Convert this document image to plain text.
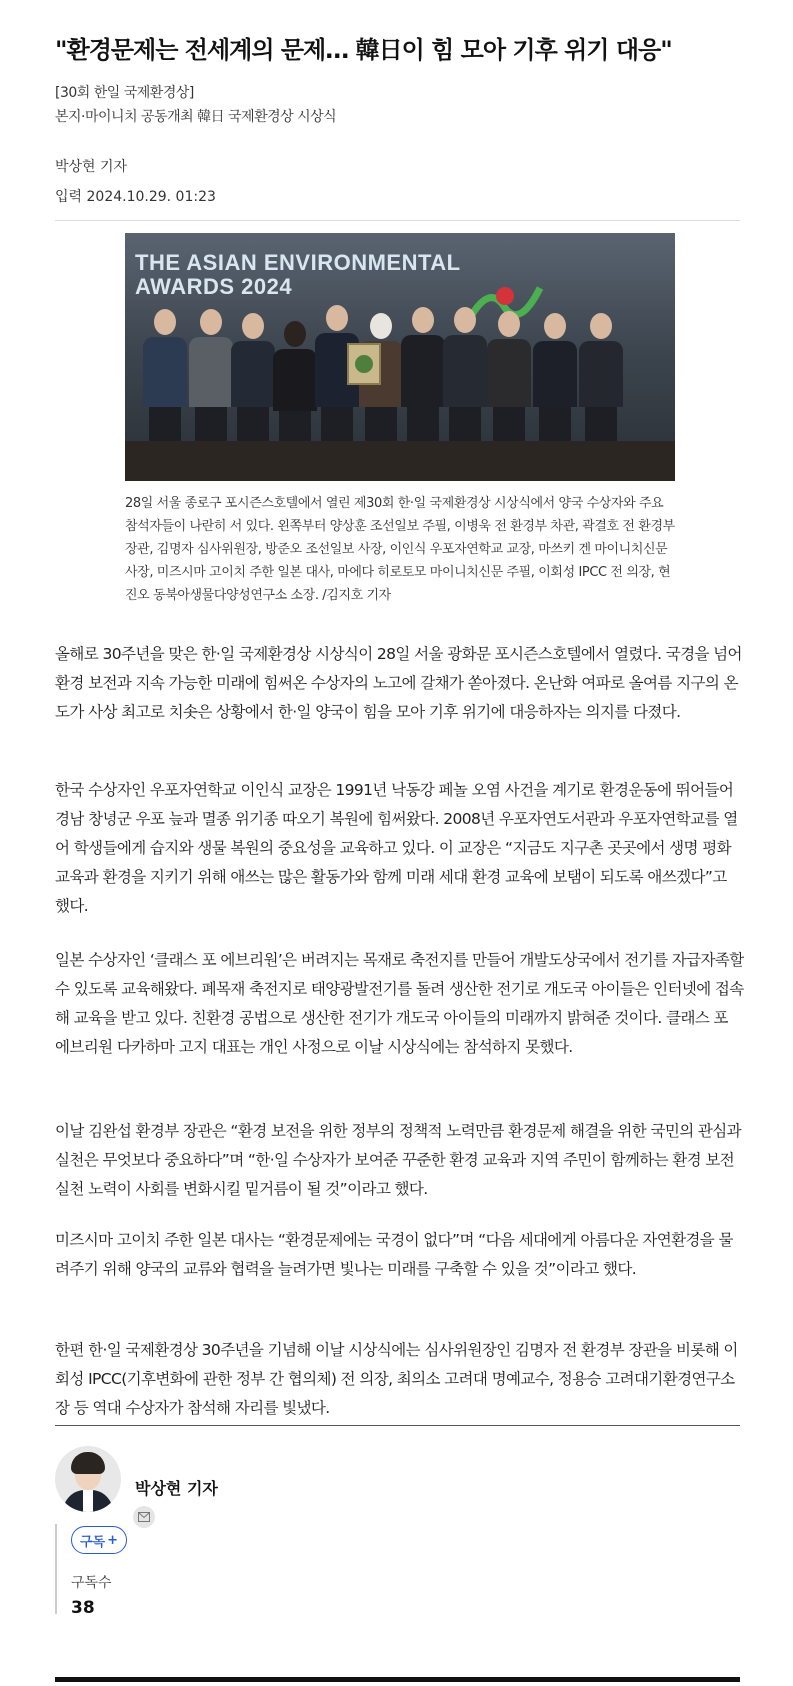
"환경문제는 전세계의 문제… 韓日이 힘 모아 기후 위기 대응"
[30회 한일 국제환경상]
본지·마이니치 공동개최 韓日 국제환경상 시상식
박상현 기자
입력 2024.10.29. 01:23
THE ASIAN ENVIRONMENTAL AWARDS 2024
28일 서울 종로구 포시즌스호텔에서 열린 제30회 한·일 국제환경상 시상식에서 양국 수상자와 주요 참석자들이 나란히 서 있다. 왼쪽부터 양상훈 조선일보 주필, 이병욱 전 환경부 차관, 곽결호 전 환경부 장관, 김명자 심사위원장, 방준오 조선일보 사장, 이인식 우포자연학교 교장, 마쓰키 겐 마이니치신문 사장, 미즈시마 고이치 주한 일본 대사, 마에다 히로토모 마이니치신문 주필, 이회성 IPCC 전 의장, 현진오 동북아생물다양성연구소 소장. /김지호 기자
올해로 30주년을 맞은 한·일 국제환경상 시상식이 28일 서울 광화문 포시즌스호텔에서 열렸다. 국경을 넘어 환경 보전과 지속 가능한 미래에 힘써온 수상자의 노고에 갈채가 쏟아졌다. 온난화 여파로 올여름 지구의 온도가 사상 최고로 치솟은 상황에서 한·일 양국이 힘을 모아 기후 위기에 대응하자는 의지를 다졌다.
한국 수상자인 우포자연학교 이인식 교장은 1991년 낙동강 페놀 오염 사건을 계기로 환경운동에 뛰어들어 경남 창녕군 우포 늪과 멸종 위기종 따오기 복원에 힘써왔다. 2008년 우포자연도서관과 우포자연학교를 열어 학생들에게 습지와 생물 복원의 중요성을 교육하고 있다. 이 교장은 “지금도 지구촌 곳곳에서 생명 평화 교육과 환경을 지키기 위해 애쓰는 많은 활동가와 함께 미래 세대 환경 교육에 보탬이 되도록 애쓰겠다”고 했다.
일본 수상자인 ‘클래스 포 에브리원’은 버려지는 목재로 축전지를 만들어 개발도상국에서 전기를 자급자족할 수 있도록 교육해왔다. 폐목재 축전지로 태양광발전기를 돌려 생산한 전기로 개도국 아이들은 인터넷에 접속해 교육을 받고 있다. 친환경 공법으로 생산한 전기가 개도국 아이들의 미래까지 밝혀준 것이다. 클래스 포 에브리원 다카하마 고지 대표는 개인 사정으로 이날 시상식에는 참석하지 못했다.
이날 김완섭 환경부 장관은 “환경 보전을 위한 정부의 정책적 노력만큼 환경문제 해결을 위한 국민의 관심과 실천은 무엇보다 중요하다”며 “한·일 수상자가 보여준 꾸준한 환경 교육과 지역 주민이 함께하는 환경 보전 실천 노력이 사회를 변화시킬 밑거름이 될 것”이라고 했다.
미즈시마 고이치 주한 일본 대사는 “환경문제에는 국경이 없다”며 “다음 세대에게 아름다운 자연환경을 물려주기 위해 양국의 교류와 협력을 늘려가면 빛나는 미래를 구축할 수 있을 것”이라고 했다.
한편 한·일 국제환경상 30주년을 기념해 이날 시상식에는 심사위원장인 김명자 전 환경부 장관을 비롯해 이회성 IPCC(기후변화에 관한 정부 간 협의체) 전 의장, 최의소 고려대 명예교수, 정용승 고려대기환경연구소장 등 역대 수상자가 참석해 자리를 빛냈다.
박상현 기자
구독 +
구독수
38
